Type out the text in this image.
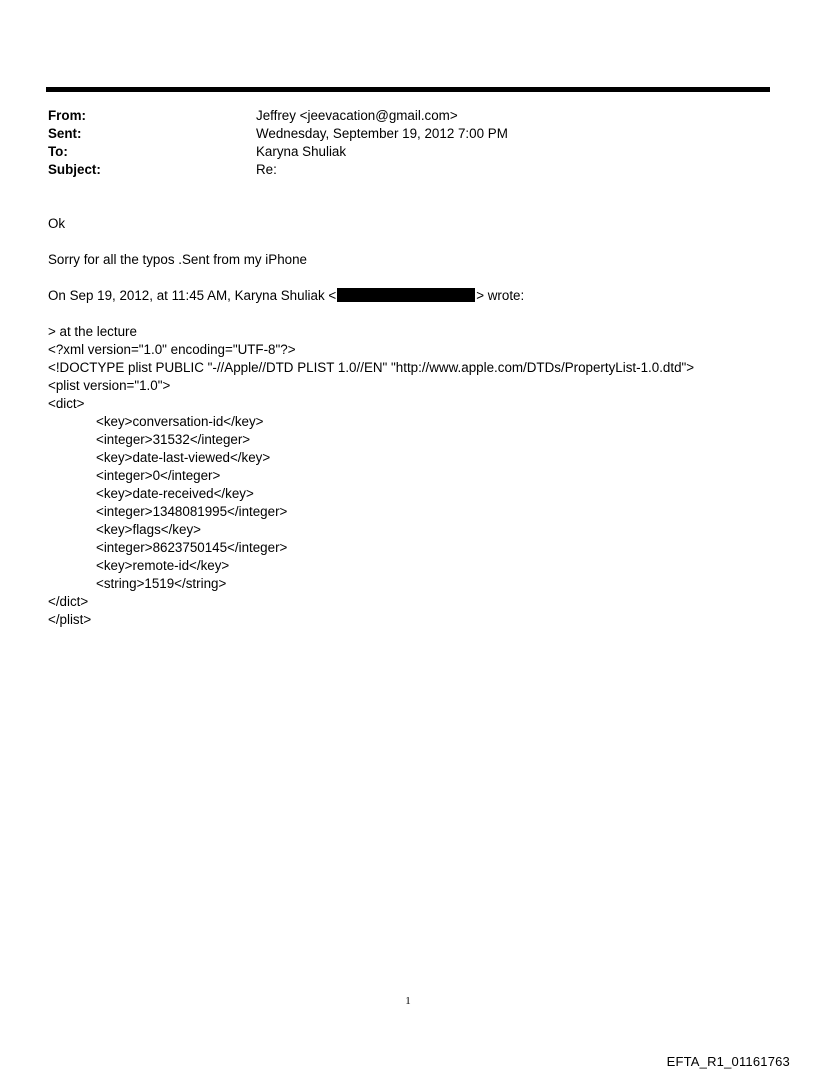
From:	Jeffrey <jeevacation@gmail.com>
Sent:	Wednesday, September 19, 2012 7:00 PM
To:	Karyna Shuliak
Subject:	Re:
Ok
Sorry for all the typos .Sent from my iPhone
On Sep 19, 2012, at 11:45 AM, Karyna Shuliak <	> wrote:
> at the lecture
<?xml version="1.0" encoding="UTF-8"?>
<!DOCTYPE plist PUBLIC "-//Apple//DTD PLIST 1.0//EN" "http://www.apple.com/DTDs/PropertyList-1.0.dtd">
<plist version="1.0">
<dict>
<key>conversation-id</key>
<integer>31532</integer>
<key>date-last-viewed</key>
<integer>0</integer>
<key>date-received</key>
<integer>1348081995</integer>
<key>flags</key>
<integer>8623750145</integer>
<key>remote-id</key>
<string>1519</string>
</dict>
</plist>
1
EFTA_R1_01161763
